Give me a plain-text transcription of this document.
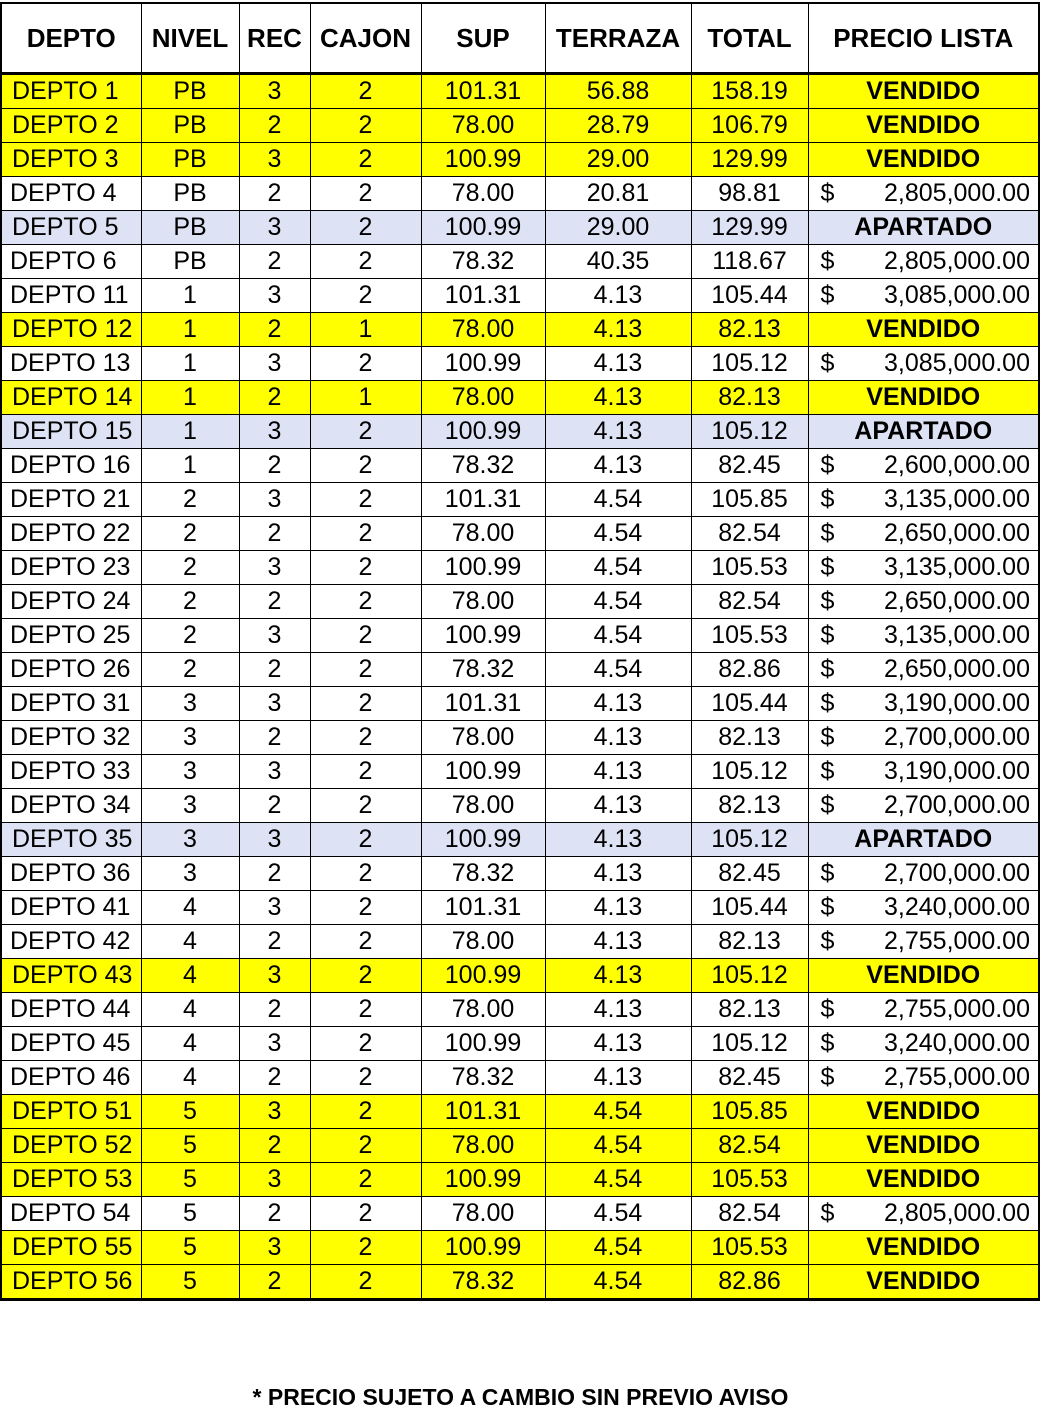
DEPTO	NIVEL	REC	CAJON	SUP	TERRAZA	TOTAL	PRECIO LISTA
DEPTO 1	PB	3	2	101.31	56.88	158.19	VENDIDO
DEPTO 2	PB	2	2	78.00	28.79	106.79	VENDIDO
DEPTO 3	PB	3	2	100.99	29.00	129.99	VENDIDO
DEPTO 4	PB	2	2	78.00	20.81	98.81	$ 2,805,000.00

DEPTO 5	PB	3	2	100.99	29.00	129.99	APARTADO
DEPTO 6	PB	2	2	78.32	40.35	118.67	$ 2,805,000.00

DEPTO 11	1	3	2	101.31	4.13	105.44	$ 3,085,000.00

DEPTO 12	1	2	1	78.00	4.13	82.13	VENDIDO
DEPTO 13	1	3	2	100.99	4.13	105.12	$ 3,085,000.00

DEPTO 14	1	2	1	78.00	4.13	82.13	VENDIDO
DEPTO 15	1	3	2	100.99	4.13	105.12	APARTADO
DEPTO 16	1	2	2	78.32	4.13	82.45	$ 2,600,000.00

DEPTO 21	2	3	2	101.31	4.54	105.85	$ 3,135,000.00

DEPTO 22	2	2	2	78.00	4.54	82.54	$ 2,650,000.00

DEPTO 23	2	3	2	100.99	4.54	105.53	$ 3,135,000.00

DEPTO 24	2	2	2	78.00	4.54	82.54	$ 2,650,000.00

DEPTO 25	2	3	2	100.99	4.54	105.53	$ 3,135,000.00

DEPTO 26	2	2	2	78.32	4.54	82.86	$ 2,650,000.00

DEPTO 31	3	3	2	101.31	4.13	105.44	$ 3,190,000.00

DEPTO 32	3	2	2	78.00	4.13	82.13	$ 2,700,000.00

DEPTO 33	3	3	2	100.99	4.13	105.12	$ 3,190,000.00

DEPTO 34	3	2	2	78.00	4.13	82.13	$ 2,700,000.00

DEPTO 35	3	3	2	100.99	4.13	105.12	APARTADO
DEPTO 36	3	2	2	78.32	4.13	82.45	$ 2,700,000.00

DEPTO 41	4	3	2	101.31	4.13	105.44	$ 3,240,000.00

DEPTO 42	4	2	2	78.00	4.13	82.13	$ 2,755,000.00

DEPTO 43	4	3	2	100.99	4.13	105.12	VENDIDO
DEPTO 44	4	2	2	78.00	4.13	82.13	$ 2,755,000.00

DEPTO 45	4	3	2	100.99	4.13	105.12	$ 3,240,000.00

DEPTO 46	4	2	2	78.32	4.13	82.45	$ 2,755,000.00

DEPTO 51	5	3	2	101.31	4.54	105.85	VENDIDO
DEPTO 52	5	2	2	78.00	4.54	82.54	VENDIDO
DEPTO 53	5	3	2	100.99	4.54	105.53	VENDIDO
DEPTO 54	5	2	2	78.00	4.54	82.54	$ 2,805,000.00

DEPTO 55	5	3	2	100.99	4.54	105.53	VENDIDO
DEPTO 56	5	2	2	78.32	4.54	82.86	VENDIDO
* PRECIO SUJETO A CAMBIO SIN PREVIO AVISO
